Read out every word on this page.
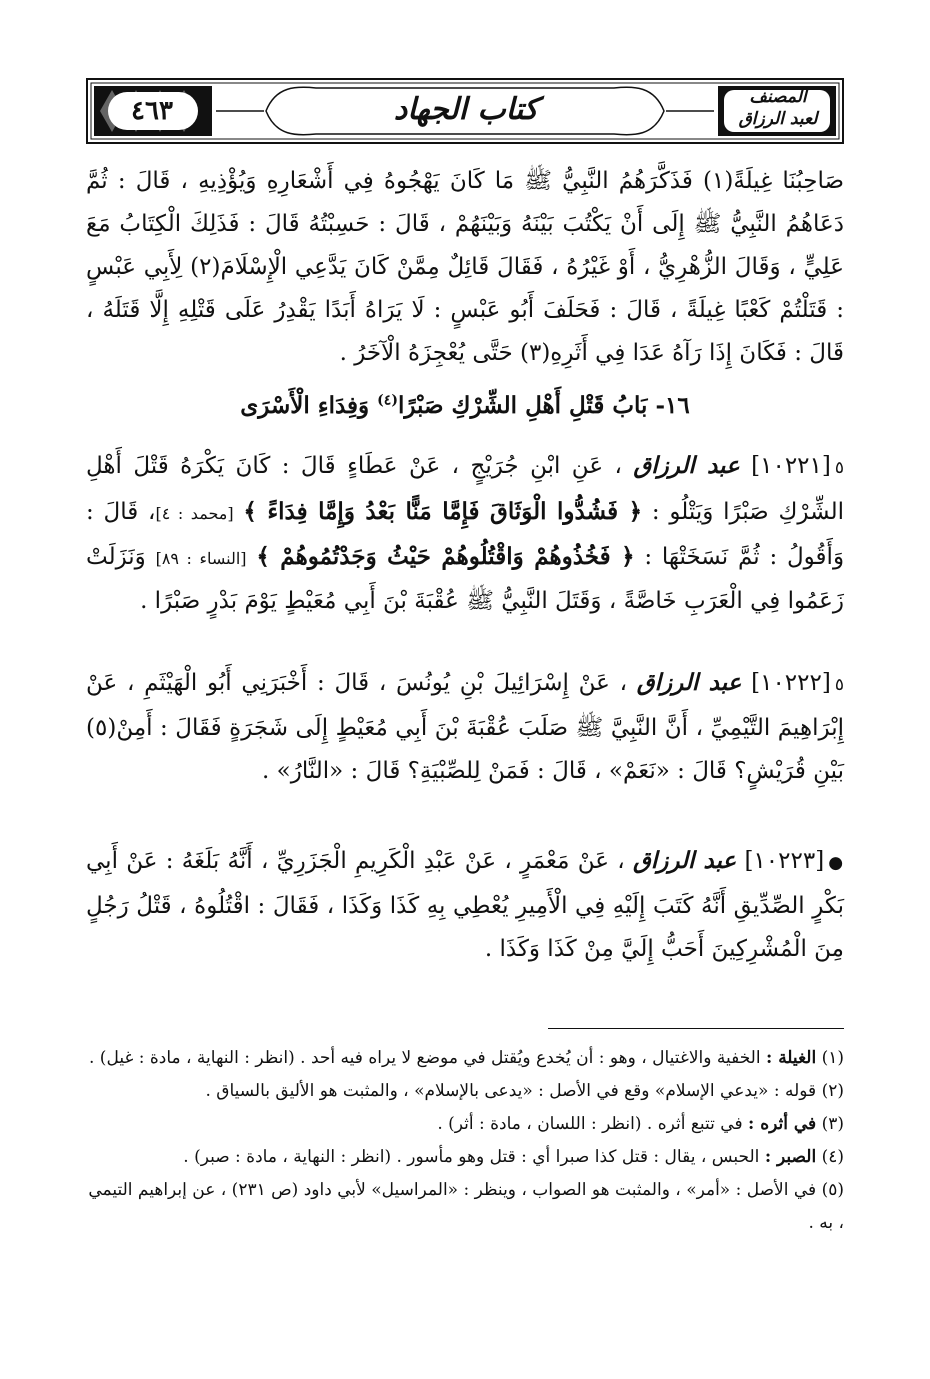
كتاب الجهاد
٤٦٣	المصنف
لعبد الرزاق

صَاحِبُنَا غِيلَةً(١) فَذَكَّرَهُمُ النَّبِيُّ ﷺ مَا كَانَ يَهْجُوهُ فِي أَشْعَارِهِ وَيُؤْذِيهِ ، قَالَ : ثُمَّ دَعَاهُمُ النَّبِيُّ ﷺ إِلَى أَنْ يَكْتُبَ بَيْنَهُ وَبَيْنَهُمْ ، قَالَ : حَسِبْتُهُ قَالَ : فَذَلِكَ الْكِتَابُ مَعَ عَلِيٍّ ، وَقَالَ الزُّهْرِيُّ ، أَوْ غَيْرُهُ ، فَقَالَ قَائِلٌ مِمَّنْ كَانَ يَدَّعِي الْإِسْلَامَ(٢) لِأَبِي عَبْسٍ : قَتَلْتُمْ كَعْبًا غِيلَةً ، قَالَ : فَحَلَفَ أَبُو عَبْسٍ : لَا يَرَاهُ أَبَدًا يَقْدِرُ عَلَى قَتْلِهِ إِلَّا قَتَلَهُ ، قَالَ : فَكَانَ إِذَا رَآهُ عَدَا فِي أَثَرِهِ(٣) حَتَّى يُعْجِزَهُ الْآخَرُ .

١٦- بَابُ قَتْلِ أَهْلِ الشِّرْكِ صَبْرًا$^{(٤)}$ وَفِدَاءِ الْأَسْرَى

٥[١٠٢٢١] عبد الرزاق ، عَنِ ابْنِ جُرَيْجٍ ، عَنْ عَطَاءٍ قَالَ : كَانَ يَكْرَهُ قَتْلَ أَهْلِ الشِّرْكِ صَبْرًا وَيَتْلُو : ﴿ فَشُدُّوا الْوَثَاقَ فَإِمَّا مَنًّا بَعْدُ وَإِمَّا فِدَاءً ﴾ [محمد : ٤]، قَالَ : وَأَقُولُ : ثُمَّ نَسَخَتْهَا : ﴿ فَخُذُوهُمْ وَاقْتُلُوهُمْ حَيْثُ وَجَدْتُمُوهُمْ ﴾ [النساء : ٨٩] وَنَزَلَتْ زَعَمُوا فِي الْعَرَبِ خَاصَّةً ، وَقَتَلَ النَّبِيُّ ﷺ عُقْبَةَ بْنَ أَبِي مُعَيْطٍ يَوْمَ بَدْرٍ صَبْرًا .

٥[١٠٢٢٢] عبد الرزاق ، عَنْ إِسْرَائِيلَ بْنِ يُونُسَ ، قَالَ : أَخْبَرَنِي أَبُو الْهَيْثَمِ ، عَنْ إِبْرَاهِيمَ التَّيْمِيِّ ، أَنَّ النَّبِيَّ ﷺ صَلَبَ عُقْبَةَ بْنَ أَبِي مُعَيْطٍ إِلَى شَجَرَةٍ فَقَالَ : أَمِنْ(٥) بَيْنِ قُرَيْشٍ؟ قَالَ : «نَعَمْ» ، قَالَ : فَمَنْ لِلصِّبْيَةِ؟ قَالَ : «النَّارُ» .

●[١٠٢٢٣] عبد الرزاق ، عَنْ مَعْمَرٍ ، عَنْ عَبْدِ الْكَرِيمِ الْجَزَرِيِّ ، أَنَّهُ بَلَغَهُ : عَنْ أَبِي بَكْرٍ الصِّدِّيقِ أَنَّهُ كَتَبَ إِلَيْهِ فِي الْأَمِيرِ يُعْطِي بِهِ كَذَا وَكَذَا ، فَقَالَ : اقْتُلُوهُ ، قَتْلُ رَجُلٍ مِنَ الْمُشْرِكِينَ أَحَبُّ إِلَيَّ مِنْ كَذَا وَكَذَا .

(١) الغيلة : الخفية والاغتيال ، وهو : أن يُخدع ويُقتل في موضع لا يراه فيه أحد . (انظر : النهاية ، مادة : غيل) .

(٢) قوله : «يدعي الإسلام» وقع في الأصل : «يدعى بالإسلام» ، والمثبت هو الأليق بالسياق .

(٣) في أثره : في تتبع أثره . (انظر : اللسان ، مادة : أثر) .

(٤) الصبر : الحبس ، يقال : قتل كذا صبرا أي : قتل وهو مأسور . (انظر : النهاية ، مادة : صبر) .

(٥) في الأصل : «أمر» ، والمثبت هو الصواب ، وينظر : «المراسيل» لأبي داود (ص ٢٣١) ، عن إبراهيم التيمي ، به .
